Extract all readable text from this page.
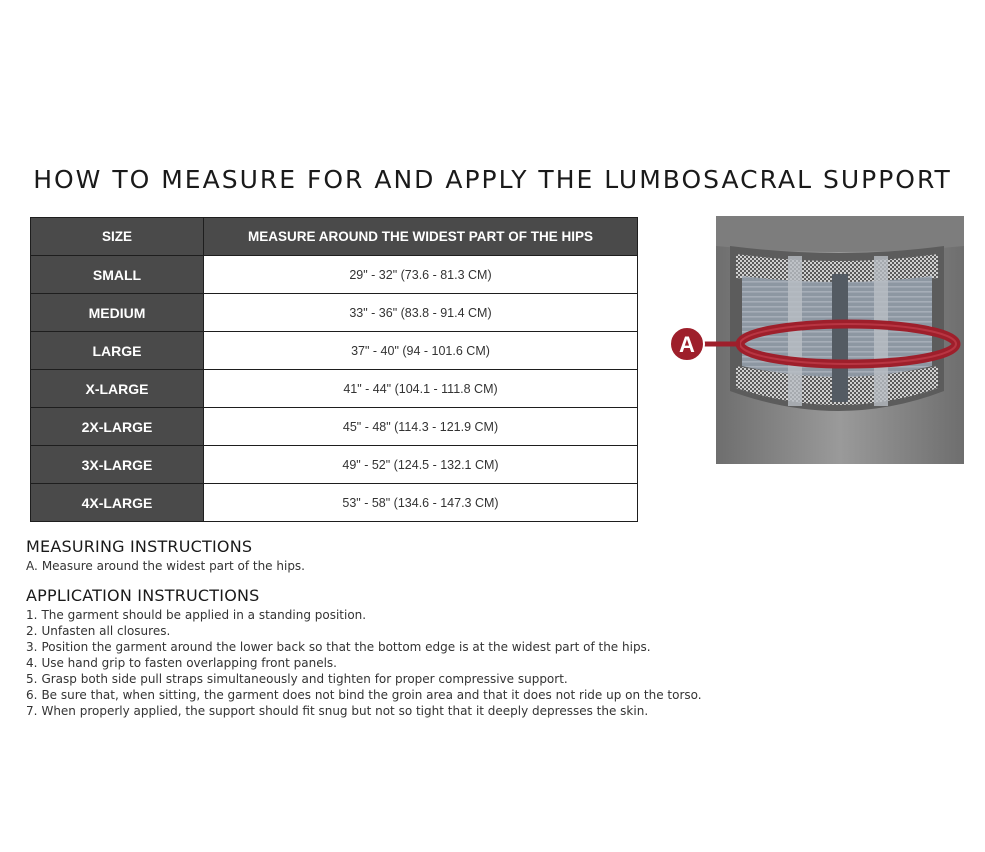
HOW TO MEASURE FOR AND APPLY THE LUMBOSACRAL SUPPORT
SIZE	MEASURE AROUND THE WIDEST PART OF THE HIPS
SMALL	29" - 32" (73.6 - 81.3 CM)
MEDIUM	33" - 36" (83.8 - 91.4 CM)
LARGE	37" - 40" (94 - 101.6 CM)
X-LARGE	41" - 44" (104.1 - 111.8 CM)
2X-LARGE	45" - 48" (114.3 - 121.9 CM)
3X-LARGE	49" - 52" (124.5 - 132.1 CM)
4X-LARGE	53" - 58" (134.6 - 147.3 CM)
A
MEASURING INSTRUCTIONS
A. Measure around the widest part of the hips.
APPLICATION INSTRUCTIONS
1. The garment should be applied in a standing position.
2. Unfasten all closures.
3. Position the garment around the lower back so that the bottom edge is at the widest part of the hips.
4. Use hand grip to fasten overlapping front panels.
5. Grasp both side pull straps simultaneously and tighten for proper compressive support.
6. Be sure that, when sitting, the garment does not bind the groin area and that it does not ride up on the torso.
7. When properly applied, the support should fit snug but not so tight that it deeply depresses the skin.
